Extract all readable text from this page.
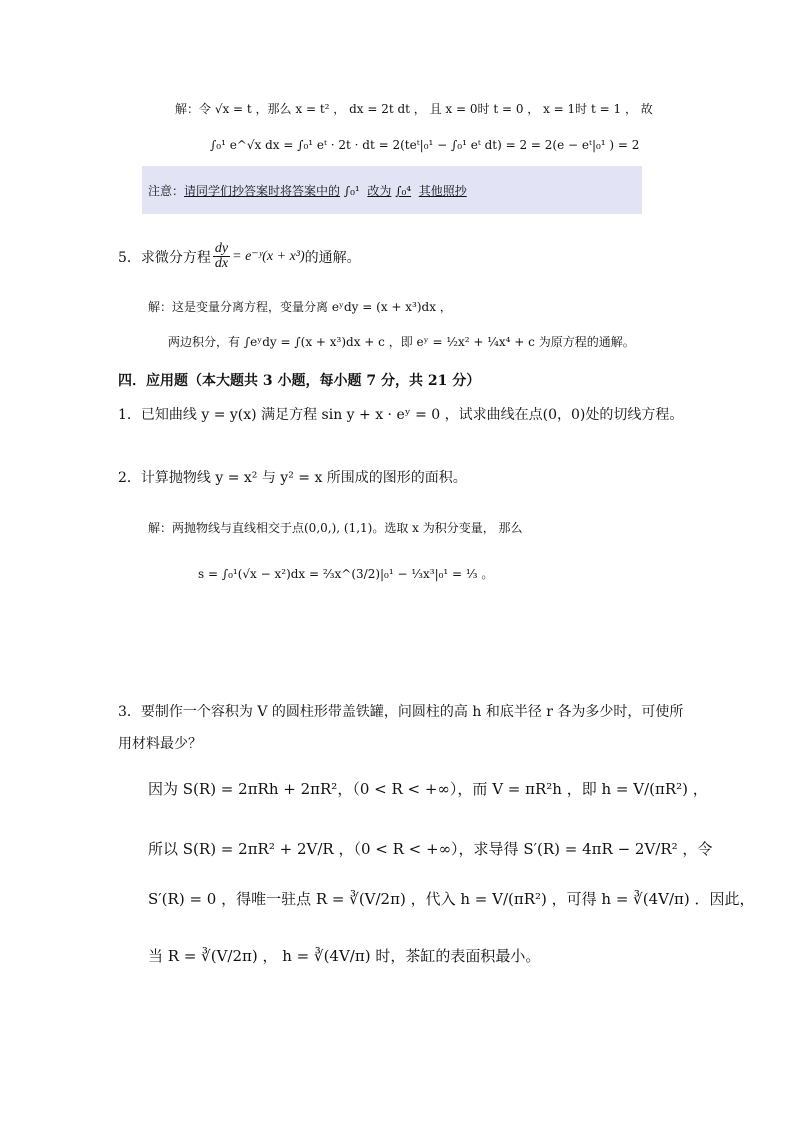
解：令 √x = t ，那么 x = t² ， dx = 2t dt ， 且 x = 0时 t = 0 ， x = 1时 t = 1 ， 故
∫₀¹ e^√x dx = ∫₀¹ eᵗ · 2t · dt = 2(teᵗ|₀¹ − ∫₀¹ eᵗ dt) = 2 = 2(e − eᵗ|₀¹ ) = 2
注意：请同学们抄答案时将答案中的 ∫₀¹ 改为 ∫₀⁴ 其他照抄
5．求微分方程 $\frac{dy}{dx}$ = e⁻ʸ(x + x³) 的通解。
解：这是变量分离方程，变量分离 eʸdy = (x + x³)dx ，
两边积分，有 ∫eʸdy = ∫(x + x³)dx + c ，即 eʸ = ½x² + ¼x⁴ + c 为原方程的通解。
四．应用题（本大题共 3 小题，每小题 7 分，共 21 分）
1．已知曲线 y = y(x) 满足方程 sin y + x · eʸ = 0 ，试求曲线在点(0，0)处的切线方程。
2．计算抛物线 y = x² 与 y² = x 所围成的图形的面积。
解：两抛物线与直线相交于点(0,0,), (1,1)。选取 x 为积分变量， 那么
s = ∫₀¹(√x − x²)dx = ⅔x^(3/2)|₀¹ − ⅓x³|₀¹ = ⅓ 。
3．要制作一个容积为 V 的圆柱形带盖铁罐，问圆柱的高 h 和底半径 r 各为多少时，可使所
用材料最少？
因为 S(R) = 2πRh + 2πR²，（0 < R < +∞），而 V = πR²h ，即 h = V/(πR²) ，
所以 S(R) = 2πR² + 2V/R ，（0 < R < +∞），求导得 S′(R) = 4πR − 2V/R² ，令
S′(R) = 0 ，得唯一驻点 R = ∛(V/2π) ，代入 h = V/(πR²) ，可得 h = ∛(4V/π) ．因此，
当 R = ∛(V/2π) ， h = ∛(4V/π) 时，茶缸的表面积最小。
